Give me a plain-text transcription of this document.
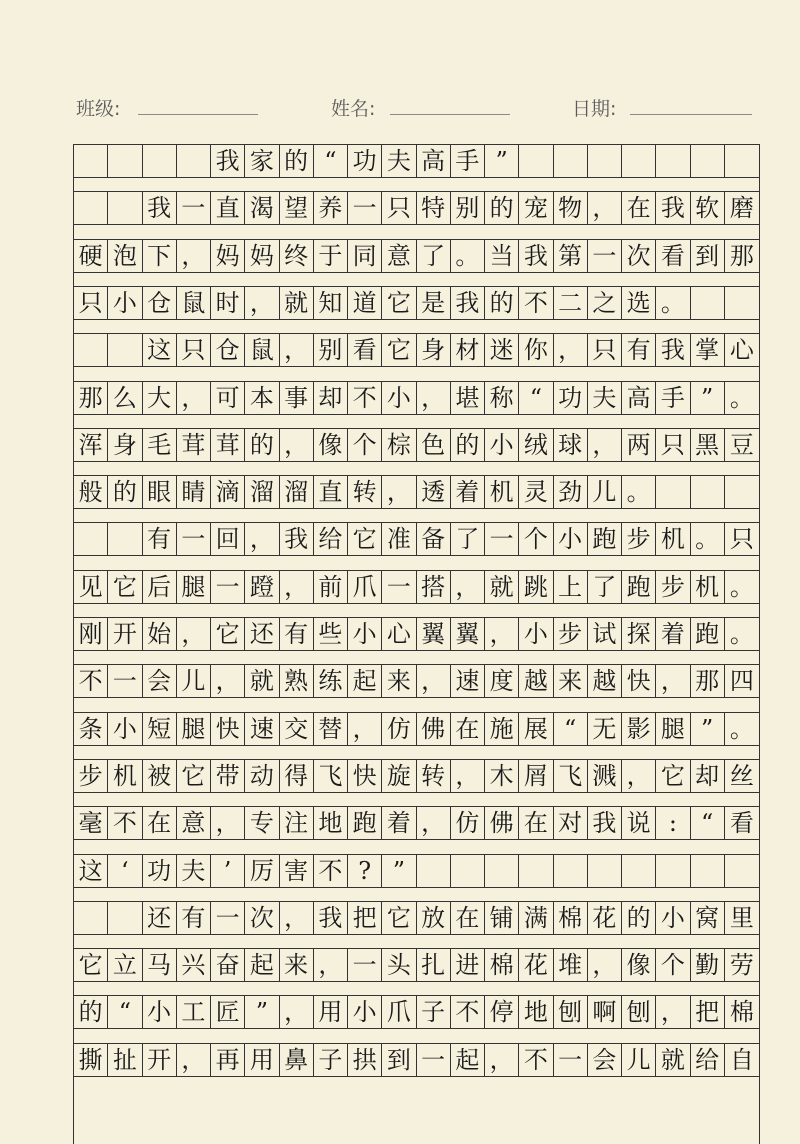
班级:	姓名:	日期:
我 家 的 “ 功 夫 高 手 ”
我 一 直 渴 望 养 一 只 特 别 的 宠 物 ， 在 我 软 磨
硬 泡 下 ， 妈 妈 终 于 同 意 了 。 当 我 第 一 次 看 到 那
只 小 仓 鼠 时 ， 就 知 道 它 是 我 的 不 二 之 选 。
这 只 仓 鼠 ， 别 看 它 身 材 迷 你 ， 只 有 我 掌 心
那 么 大 ， 可 本 事 却 不 小 ， 堪 称 “ 功 夫 高 手 ” 。
浑 身 毛 茸 茸 的 ， 像 个 棕 色 的 小 绒 球 ， 两 只 黑 豆
般 的 眼 睛 滴 溜 溜 直 转 ， 透 着 机 灵 劲 儿 。
有 一 回 ， 我 给 它 准 备 了 一 个 小 跑 步 机 。 只
见 它 后 腿 一 蹬 ， 前 爪 一 搭 ， 就 跳 上 了 跑 步 机 。
刚 开 始 ， 它 还 有 些 小 心 翼 翼 ， 小 步 试 探 着 跑 。
不 一 会 儿 ， 就 熟 练 起 来 ， 速 度 越 来 越 快 ， 那 四
条 小 短 腿 快 速 交 替 ， 仿 佛 在 施 展 “ 无 影 腿 ” 。
步 机 被 它 带 动 得 飞 快 旋 转 ， 木 屑 飞 溅 ， 它 却 丝
毫 不 在 意 ， 专 注 地 跑 着 ， 仿 佛 在 对 我 说 :	“ 看
这 ‘ 功 夫 ’ 厉 害 不 ? ”
还 有 一 次 ， 我 把 它 放 在 铺 满 棉 花 的 小 窝 里
它 立 马 兴 奋 起 来 ， 一 头 扎 进 棉 花 堆 ， 像 个 勤 劳
的 “ 小 工 匠 ” ， 用 小 爪 子 不 停 地 刨 啊 刨 ， 把 棉
撕 扯 开 ， 再 用 鼻 子 拱 到 一 起 ， 不 一 会 儿 就 给 自
